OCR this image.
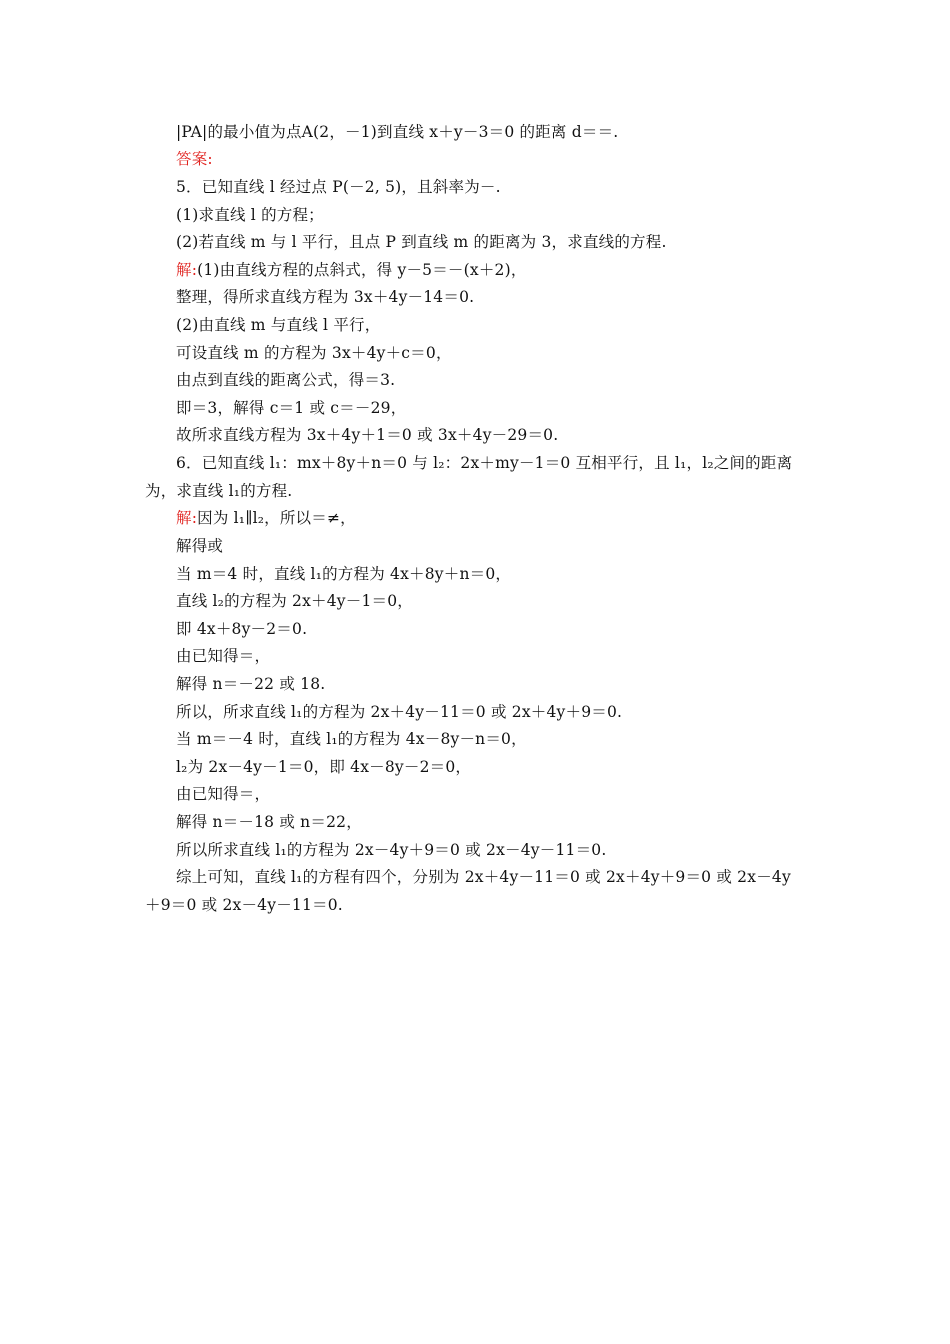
|PA|的最小值为点A(2，－1)到直线 x＋y－3＝0 的距离 d＝＝.
答案:
5．已知直线 l 经过点 P(－2, 5)，且斜率为－.
(1)求直线 l 的方程；
(2)若直线 m 与 l 平行，且点 P 到直线 m 的距离为 3，求直线的方程.
解:(1)由直线方程的点斜式，得 y－5＝－(x＋2)，
整理，得所求直线方程为 3x＋4y－14＝0.
(2)由直线 m 与直线 l 平行，
可设直线 m 的方程为 3x＋4y＋c＝0，
由点到直线的距离公式，得＝3.
即＝3，解得 c＝1 或 c＝－29，
故所求直线方程为 3x＋4y＋1＝0 或 3x＋4y－29＝0.
6．已知直线 l₁：mx＋8y＋n＝0 与 l₂：2x＋my－1＝0 互相平行，且 l₁，l₂之间的距离
为，求直线 l₁的方程.
解:因为 l₁∥l₂，所以＝≠，
解得或
当 m＝4 时，直线 l₁的方程为 4x＋8y＋n＝0，
直线 l₂的方程为 2x＋4y－1＝0，
即 4x＋8y－2＝0.
由已知得＝，
解得 n＝－22 或 18.
所以，所求直线 l₁的方程为 2x＋4y－11＝0 或 2x＋4y＋9＝0.
当 m＝－4 时，直线 l₁的方程为 4x－8y－n＝0，
l₂为 2x－4y－1＝0，即 4x－8y－2＝0，
由已知得＝，
解得 n＝－18 或 n＝22，
所以所求直线 l₁的方程为 2x－4y＋9＝0 或 2x－4y－11＝0.
综上可知，直线 l₁的方程有四个，分别为 2x＋4y－11＝0 或 2x＋4y＋9＝0 或 2x－4y
＋9＝0 或 2x－4y－11＝0.
